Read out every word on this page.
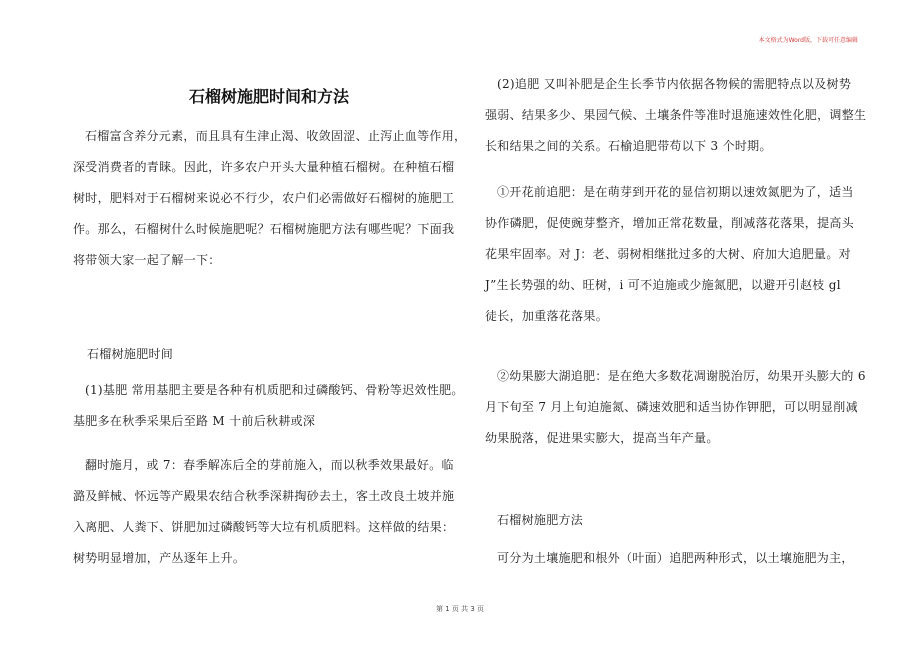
本文格式为Word版，下载可任意编辑
石榴树施肥时间和方法

石榴富含养分元素，而且具有生津止渴、收敛固涩、止泻止血等作用，

深受消费者的青睐。因此，许多农户开头大量种植石榴树。在种植石榴

树时，肥料对于石榴树来说必不行少，农户们必需做好石榴树的施肥工

作。那么，石榴树什么时候施肥呢？石榴树施肥方法有哪些呢？下面我

将带领大家一起了解一下：

石榴树施肥时间

(1)基肥 常用基肥主要是各种有机质肥和过磷酸钙、骨粉等迟效性肥。

基肥多在秋季采果后至路 M 十前后秋耕或深

翻时施月，或 7：春季解冻后全的芽前施入，而以秋季效果最好。临

潞及鲜械、怀远等产殿果农结合秋季深耕掏砂去土，客土改良土坡并施

入离肥、人粪下、饼肥加过磷酸钙等大垃有机质肥料。这样做的结果：

树势明显增加，产丛逐年上升。

(2)追肥 又叫补肥是企生长季节内依据各物候的需肥特点以及树势

强弱、结果多少、果园气候、土壤条件等准时退施速效性化肥，调整生

长和结果之间的关系。石榆追肥带苟以下 3 个时期。

①开花前追肥：是在萌芽到开花的显信初期以速效氮肥为了，适当

协作磷肥，促使豌芽整齐，增加正常花数量，削减落花落果，提高头

花果牢固率。对 J：老、弱树相继批过多的大树、府加大追肥量。对

J”生长势强的幼、旺树，i 可不迫施或少施氮肥，以避开引赵枝 gl

徒长，加重落花落果。

②幼果膨大湖追肥：是在绝大多数花凋谢脱治厉，幼果开头膨大的 6

月下旬至 7 月上旬迫施氮、磷速效肥和适当协作钾肥，可以明显削减

幼果脱落，促进果实膨大，提高当年产量。

石榴树施肥方法

可分为土壤施肥和根外（叶面）追肥两种形式，以土壤施肥为主，

第 1 页 共 3 页
